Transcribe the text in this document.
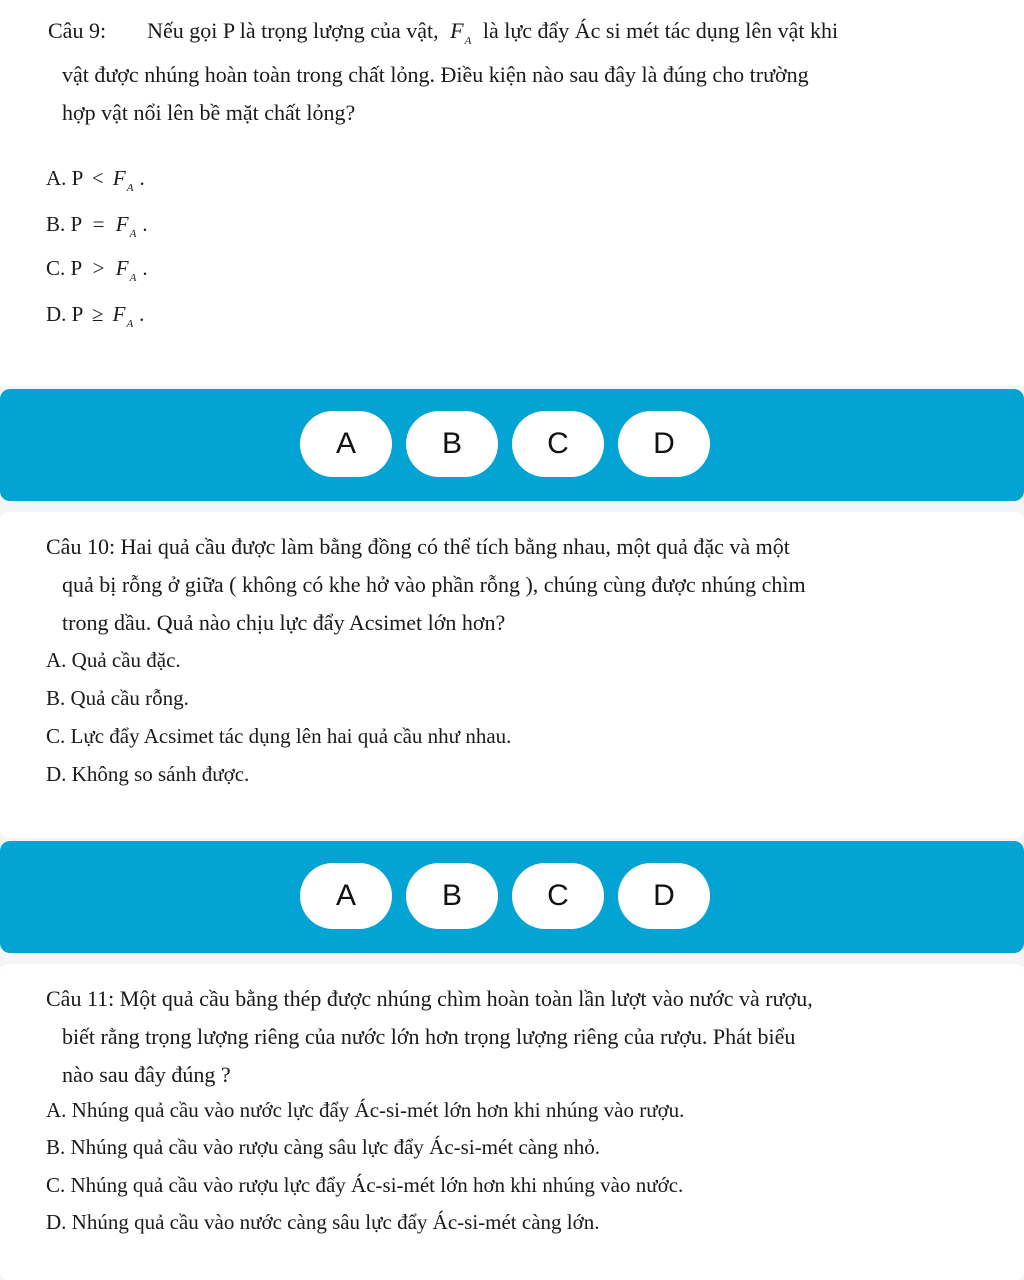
Câu 9: Nếu gọi P là trọng lượng của vật, $F_A$ là lực đẩy Ác si mét tác dụng lên vật khi
vật được nhúng hoàn toàn trong chất lỏng. Điều kiện nào sau đây là đúng cho trường
hợp vật nổi lên bề mặt chất lỏng?
A. $P < F_A$ .
B. $P = F_A$ .
C. $P > F_A$ .
D. $P \ge F_A$ .
A	B	C	D
Câu 10: Hai quả cầu được làm bằng đồng có thể tích bằng nhau, một quả đặc và một
quả bị rỗng ở giữa ( không có khe hở vào phần rỗng ), chúng cùng được nhúng chìm
trong dầu. Quả nào chịu lực đẩy Acsimet lớn hơn?
A. Quả cầu đặc.
B. Quả cầu rỗng.
C. Lực đẩy Acsimet tác dụng lên hai quả cầu như nhau.
D. Không so sánh được.
A	B	C	D
Câu 11: Một quả cầu bằng thép được nhúng chìm hoàn toàn lần lượt vào nước và rượu,
biết rằng trọng lượng riêng của nước lớn hơn trọng lượng riêng của rượu. Phát biểu
nào sau đây đúng ?
A. Nhúng quả cầu vào nước lực đẩy Ác-si-mét lớn hơn khi nhúng vào rượu.
B. Nhúng quả cầu vào rượu càng sâu lực đẩy Ác-si-mét càng nhỏ.
C. Nhúng quả cầu vào rượu lực đẩy Ác-si-mét lớn hơn khi nhúng vào nước.
D. Nhúng quả cầu vào nước càng sâu lực đẩy Ác-si-mét càng lớn.
